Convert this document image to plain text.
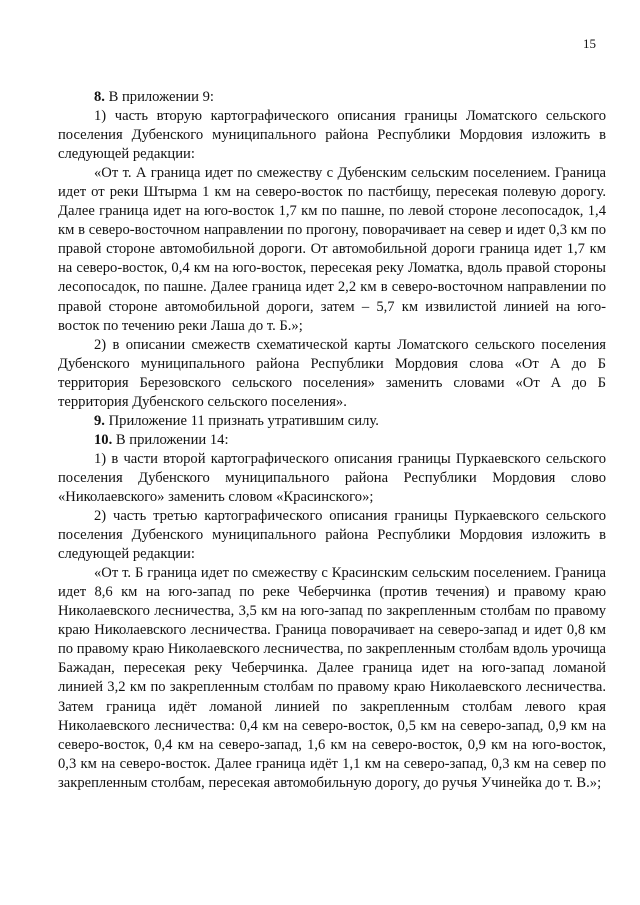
15

8. В приложении 9:

1) часть вторую картографического описания границы Ломатского сельского поселения Дубенского муниципального района Республики Мордовия изложить в следующей редакции:

«От т. А граница идет по смежеству с Дубенским сельским поселением. Граница идет от реки Штырма 1 км на северо-восток по пастбищу, пересекая полевую дорогу. Далее граница идет на юго-восток 1,7 км по пашне, по левой стороне лесопосадок, 1,4 км в северо-восточном направлении по прогону, поворачивает на север и идет 0,3 км по правой стороне автомобильной дороги. От автомобильной дороги граница идет 1,7 км на северо-восток, 0,4 км на юго-восток, пересекая реку Ломатка, вдоль правой стороны лесопосадок, по пашне. Далее граница идет 2,2 км в северо-восточном направлении по правой стороне автомобильной дороги, затем – 5,7 км извилистой линией на юго-восток по течению реки Лаша до т. Б.»;

2) в описании смежеств схематической карты Ломатского сельского поселения Дубенского муниципального района Республики Мордовия слова «От А до Б территория Березовского сельского поселения» заменить словами «От А до Б территория Дубенского сельского поселения».

9. Приложение 11 признать утратившим силу.

10. В приложении 14:

1) в части второй картографического описания границы Пуркаевского сельского поселения Дубенского муниципального района Республики Мордовия слово «Николаевского» заменить словом «Красинского»;

2) часть третью картографического описания границы Пуркаевского сельского поселения Дубенского муниципального района Республики Мордовия изложить в следующей редакции:

«От т. Б граница идет по смежеству с Красинским сельским поселением. Граница идет 8,6 км на юго-запад по реке Чеберчинка (против течения) и правому краю Николаевского лесничества, 3,5 км на юго-запад по закрепленным столбам по правому краю Николаевского лесничества. Граница поворачивает на северо-запад и идет 0,8 км по правому краю Николаевского лесничества, по закрепленным столбам вдоль урочища Бажадан, пересекая реку Чеберчинка. Далее граница идет на юго-запад ломаной линией 3,2 км по закрепленным столбам по правому краю Николаевского лесничества. Затем граница идёт ломаной линией по закрепленным столбам левого края Николаевского лесничества: 0,4 км на северо-восток, 0,5 км на северо-запад, 0,9 км на северо-восток, 0,4 км на северо-запад, 1,6 км на северо-восток, 0,9 км на юго-восток, 0,3 км на северо-восток. Далее граница идёт 1,1 км на северо-запад, 0,3 км на север по закрепленным столбам, пересекая автомобильную дорогу, до ручья Учинейка до т. В.»;
